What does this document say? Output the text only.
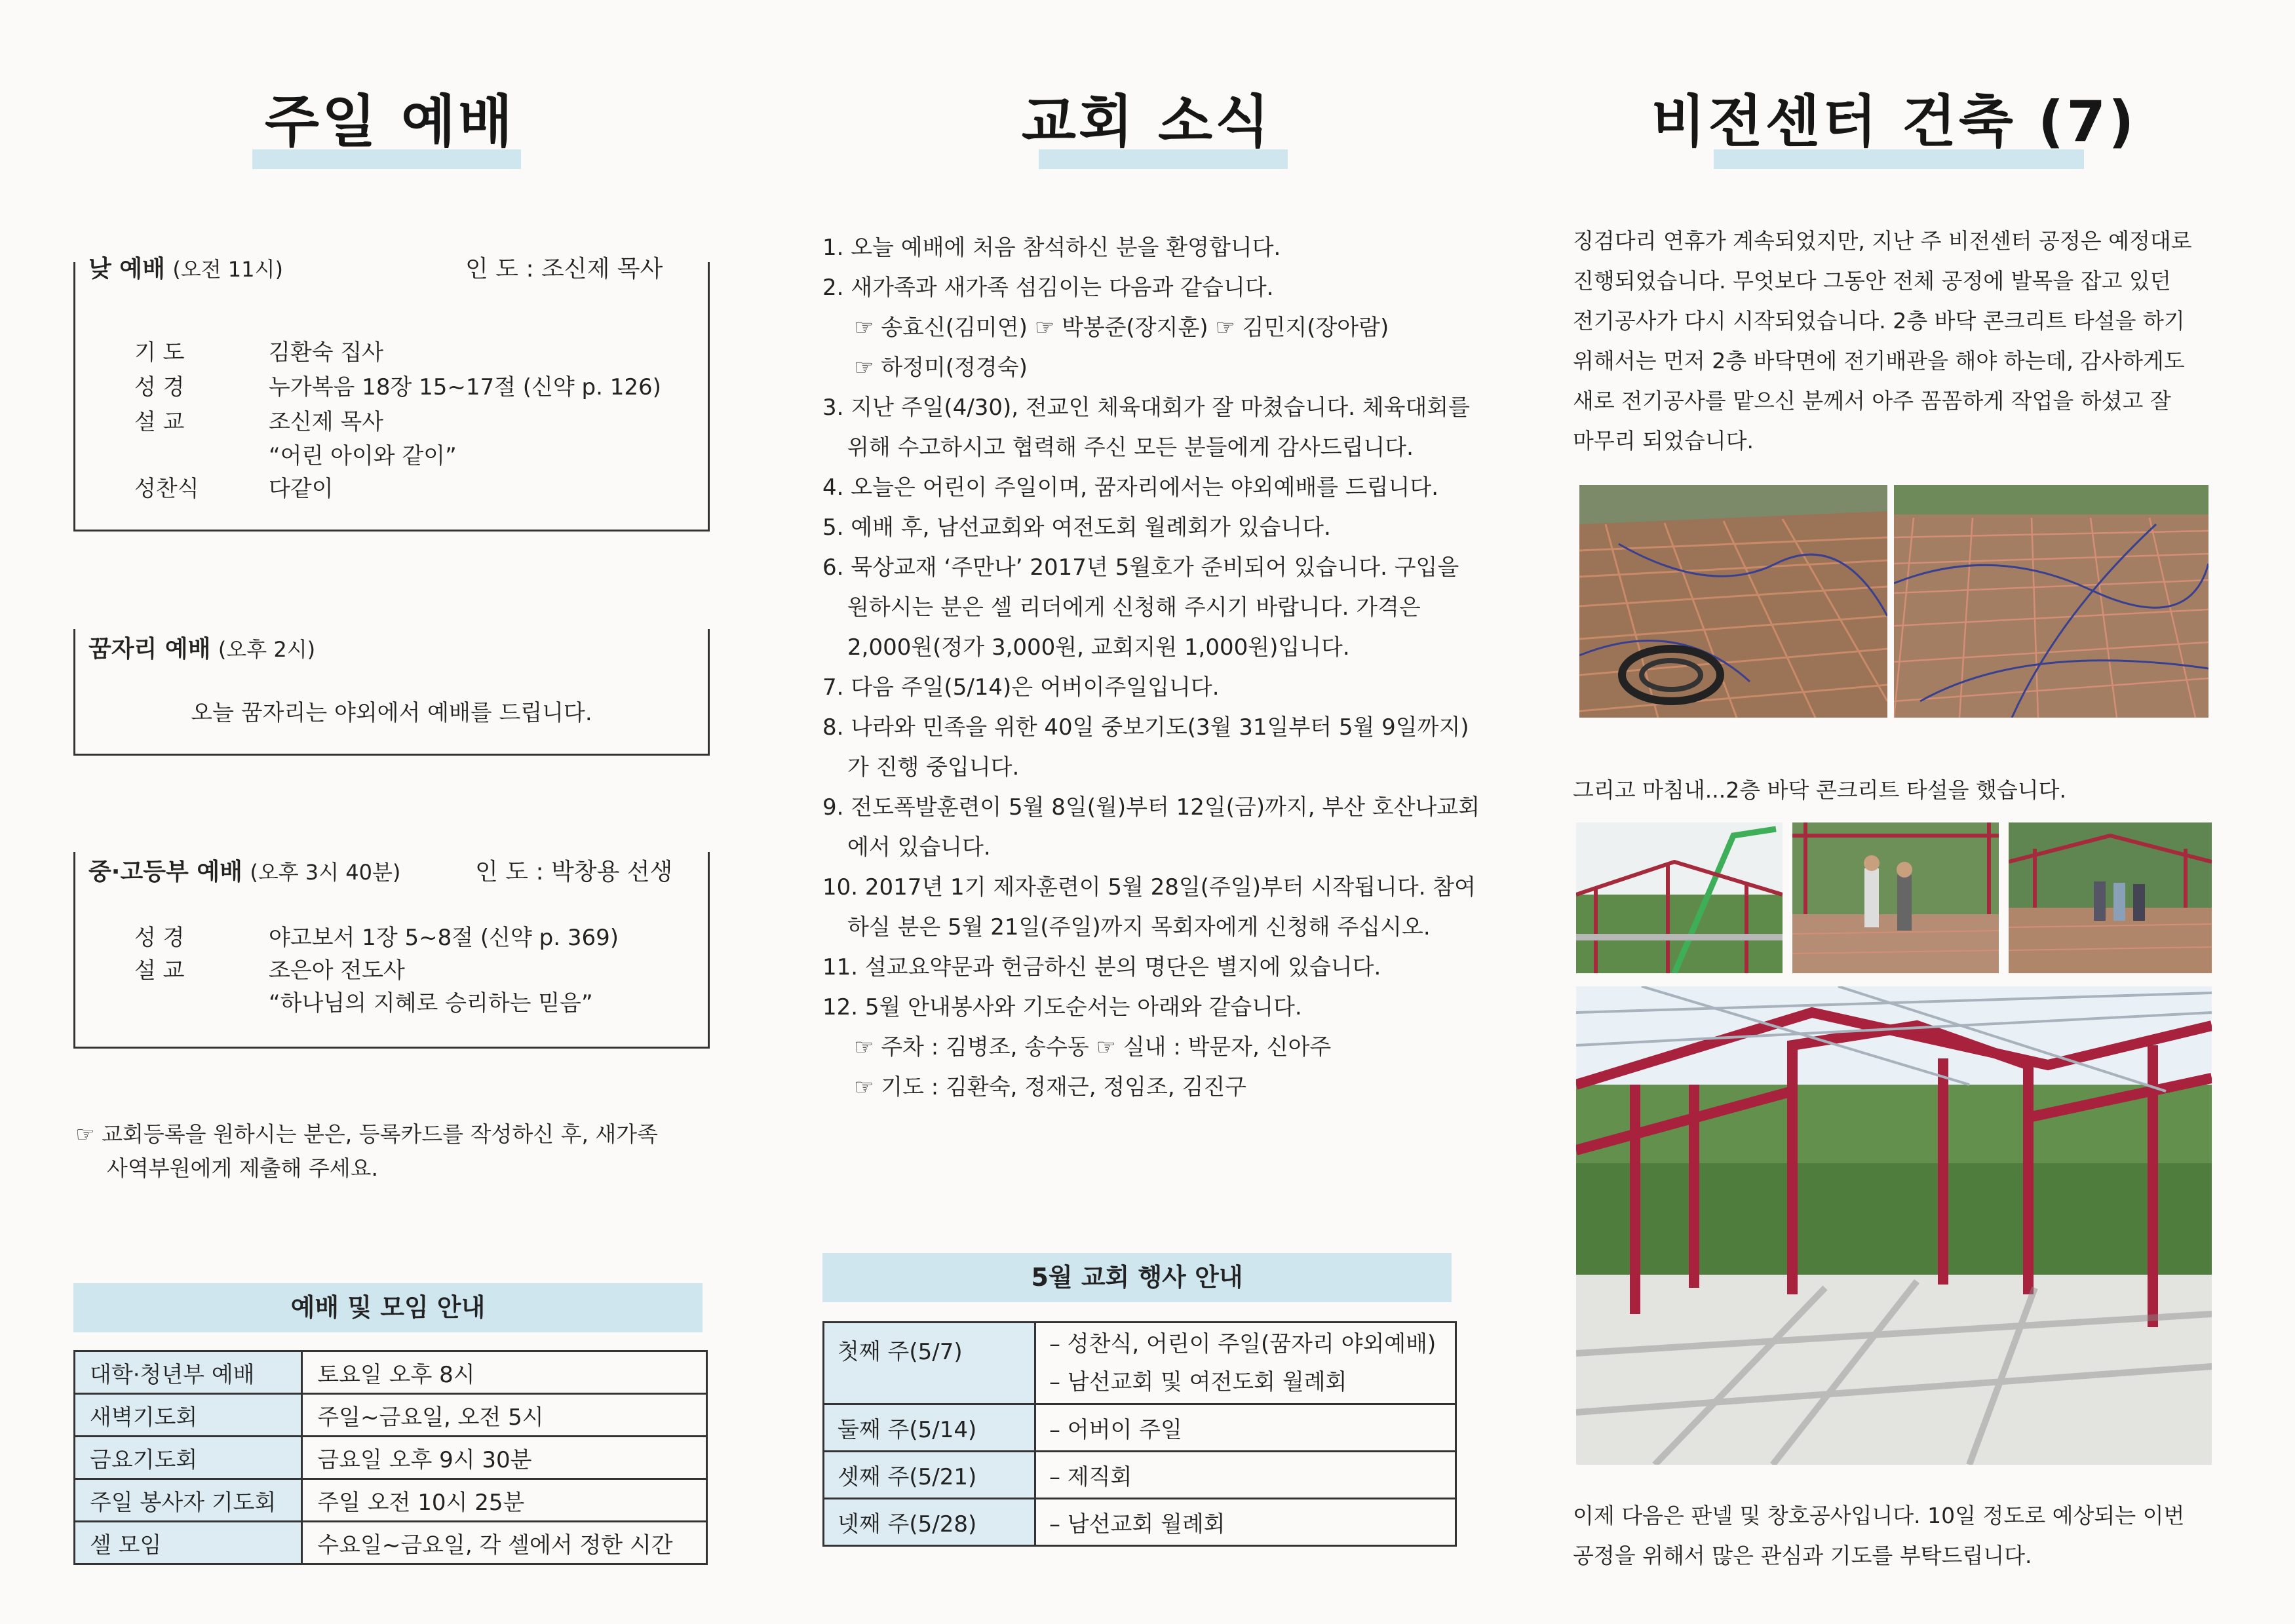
주일 예배
낮 예배 (오전 11시)	인 도 : 조신제 목사
기 도	김환숙 집사
성 경	누가복음 18장 15~17절 (신약 p. 126)
설 교	조신제 목사
“어린 아이와 같이”
성찬식	다같이
꿈자리 예배 (오후 2시)
오늘 꿈자리는 야외에서 예배를 드립니다.
중·고등부 예배 (오후 3시 40분)	인 도 : 박창용 선생
성 경	야고보서 1장 5~8절 (신약 p. 369)
설 교	조은아 전도사
“하나님의 지혜로 승리하는 믿음”
☞ 교회등록을 원하시는 분은, 등록카드를 작성하신 후, 새가족
사역부원에게 제출해 주세요.
예배 및 모임 안내
대학·청년부 예배	토요일 오후 8시
새벽기도회	주일~금요일, 오전 5시
금요기도회	금요일 오후 9시 30분
주일 봉사자 기도회	주일 오전 10시 25분
셀 모임	수요일~금요일, 각 셀에서 정한 시간
교회 소식
1. 오늘 예배에 처음 참석하신 분을 환영합니다.
2. 새가족과 새가족 섬김이는 다음과 같습니다.
☞ 송효신(김미연) ☞ 박봉준(장지훈) ☞ 김민지(장아람)
☞ 하정미(정경숙)
3. 지난 주일(4/30), 전교인 체육대회가 잘 마쳤습니다. 체육대회를
위해 수고하시고 협력해 주신 모든 분들에게 감사드립니다.
4. 오늘은 어린이 주일이며, 꿈자리에서는 야외예배를 드립니다.
5. 예배 후, 남선교회와 여전도회 월례회가 있습니다.
6. 묵상교재 ‘주만나’ 2017년 5월호가 준비되어 있습니다. 구입을
원하시는 분은 셀 리더에게 신청해 주시기 바랍니다. 가격은
2,000원(정가 3,000원, 교회지원 1,000원)입니다.
7. 다음 주일(5/14)은 어버이주일입니다.
8. 나라와 민족을 위한 40일 중보기도(3월 31일부터 5월 9일까지)
가 진행 중입니다.
9. 전도폭발훈련이 5월 8일(월)부터 12일(금)까지, 부산 호산나교회
에서 있습니다.
10. 2017년 1기 제자훈련이 5월 28일(주일)부터 시작됩니다. 참여
하실 분은 5월 21일(주일)까지 목회자에게 신청해 주십시오.
11. 설교요약문과 헌금하신 분의 명단은 별지에 있습니다.
12. 5월 안내봉사와 기도순서는 아래와 같습니다.
☞ 주차 : 김병조, 송수동 ☞ 실내 : 박문자, 신아주
☞ 기도 : 김환숙, 정재근, 정임조, 김진구
5월 교회 행사 안내
첫째 주(5/7)	– 성찬식, 어린이 주일(꿈자리 야외예배)
– 남선교회 및 여전도회 월례회

둘째 주(5/14)	– 어버이 주일
셋째 주(5/21)	– 제직회
넷째 주(5/28)	– 남선교회 월례회
비전센터 건축 (7)
징검다리 연휴가 계속되었지만, 지난 주 비전센터 공정은 예정대로
진행되었습니다. 무엇보다 그동안 전체 공정에 발목을 잡고 있던
전기공사가 다시 시작되었습니다. 2층 바닥 콘크리트 타설을 하기
위해서는 먼저 2층 바닥면에 전기배관을 해야 하는데, 감사하게도
새로 전기공사를 맡으신 분께서 아주 꼼꼼하게 작업을 하셨고 잘
마무리 되었습니다.
그리고 마침내...2층 바닥 콘크리트 타설을 했습니다.
이제 다음은 판넬 및 창호공사입니다. 10일 정도로 예상되는 이번
공정을 위해서 많은 관심과 기도를 부탁드립니다.
